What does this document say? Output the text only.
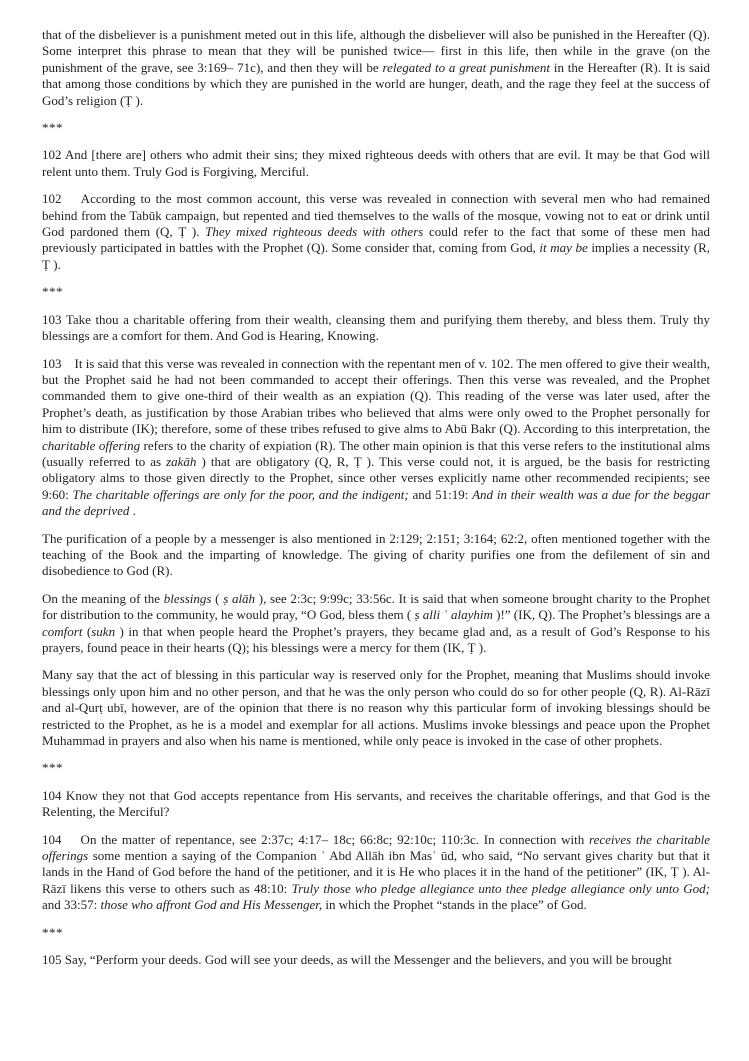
that of the disbeliever is a punishment meted out in this life, although the disbeliever will also be punished in the Hereafter (Q). Some interpret this phrase to mean that they will be punished twice— first in this life, then while in the grave (on the punishment of the grave, see 3:169– 71c), and then they will be relegated to a great punishment in the Hereafter (R). It is said that among those conditions by which they are punished in the world are hunger, death, and the rage they feel at the success of God’s religion (Ṭ ).

***

102 And [there are] others who admit their sins; they mixed righteous deeds with others that are evil. It may be that God will relent unto them. Truly God is Forgiving, Merciful.

102    According to the most common account, this verse was revealed in connection with several men who had remained behind from the Tabūk campaign, but repented and tied themselves to the walls of the mosque, vowing not to eat or drink until God pardoned them (Q, Ṭ ). They mixed righteous deeds with others could refer to the fact that some of these men had previously participated in battles with the Prophet (Q). Some consider that, coming from God, it may be implies a necessity (R, Ṭ ).

***

103 Take thou a charitable offering from their wealth, cleansing them and purifying them thereby, and bless them. Truly thy blessings are a comfort for them. And God is Hearing, Knowing.

103    It is said that this verse was revealed in connection with the repentant men of v. 102. The men offered to give their wealth, but the Prophet said he had not been commanded to accept their offerings. Then this verse was revealed, and the Prophet commanded them to give one-third of their wealth as an expiation (Q). This reading of the verse was later used, after the Prophet’s death, as justification by those Arabian tribes who believed that alms were only owed to the Prophet personally for him to distribute (IK); therefore, some of these tribes refused to give alms to Abū Bakr (Q). According to this interpretation, the charitable offering refers to the charity of expiation (R). The other main opinion is that this verse refers to the institutional alms (usually referred to as zakāh ) that are obligatory (Q, R, Ṭ ). This verse could not, it is argued, be the basis for restricting obligatory alms to those given directly to the Prophet, since other verses explicitly name other recommended recipients; see 9:60: The charitable offerings are only for the poor, and the indigent; and 51:19: And in their wealth was a due for the beggar and the deprived .

The purification of a people by a messenger is also mentioned in 2:129; 2:151; 3:164; 62:2, often mentioned together with the teaching of the Book and the imparting of knowledge. The giving of charity purifies one from the defilement of sin and disobedience to God (R).

On the meaning of the blessings ( ṣ alāh ), see 2:3c; 9:99c; 33:56c. It is said that when someone brought charity to the Prophet for distribution to the community, he would pray, “O God, bless them ( ṣ alli ʿ alayhim )!” (IK, Q). The Prophet’s blessings are a comfort (sukn ) in that when people heard the Prophet’s prayers, they became glad and, as a result of God’s Response to his prayers, found peace in their hearts (Q); his blessings were a mercy for them (IK, Ṭ ).

Many say that the act of blessing in this particular way is reserved only for the Prophet, meaning that Muslims should invoke blessings only upon him and no other person, and that he was the only person who could do so for other people (Q, R). Al-Rāzī and al-Qurṭ ubī, however, are of the opinion that there is no reason why this particular form of invoking blessings should be restricted to the Prophet, as he is a model and exemplar for all actions. Muslims invoke blessings and peace upon the Prophet Muhammad in prayers and also when his name is mentioned, while only peace is invoked in the case of other prophets.

***

104 Know they not that God accepts repentance from His servants, and receives the charitable offerings, and that God is the Relenting, the Merciful?

104    On the matter of repentance, see 2:37c; 4:17– 18c; 66:8c; 92:10c; 110:3c. In connection with receives the charitable offerings some mention a saying of the Companion ʿ Abd Allāh ibn Masʿ ūd, who said, “No servant gives charity but that it lands in the Hand of God before the hand of the petitioner, and it is He who places it in the hand of the petitioner” (IK, Ṭ ). Al-Rāzī likens this verse to others such as 48:10: Truly those who pledge allegiance unto thee pledge allegiance only unto God; and 33:57: those who affront God and His Messenger, in which the Prophet “stands in the place” of God.

***

105 Say, “Perform your deeds. God will see your deeds, as will the Messenger and the believers, and you will be brought
